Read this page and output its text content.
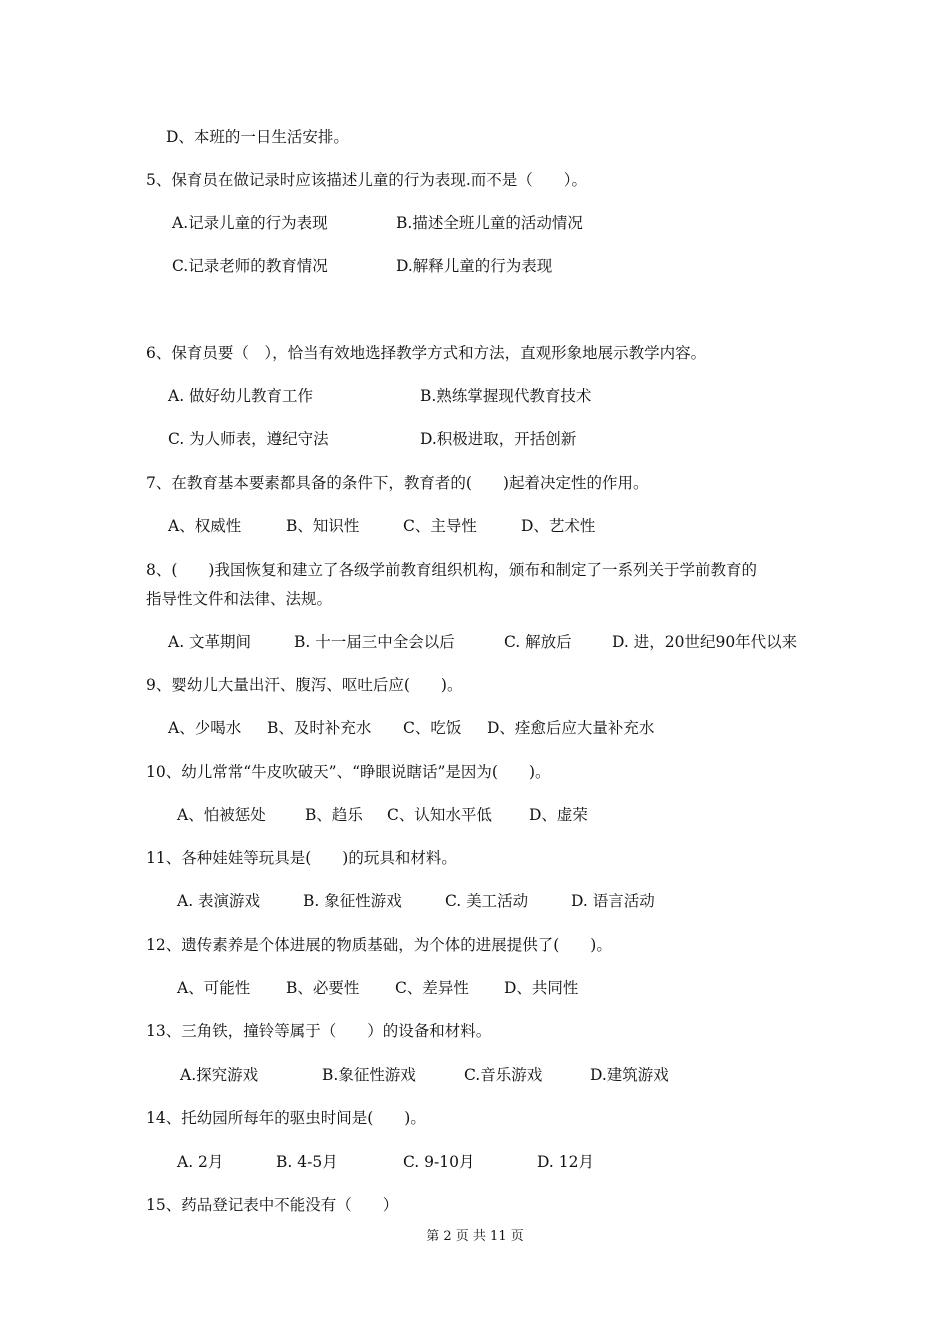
D、本班的一日生活安排。
5、保育员在做记录时应该描述儿童的行为表现.而不是（　　）。
A.记录儿童的行为表现	B.描述全班儿童的活动情况
C.记录老师的教育情况	D.解释儿童的行为表现
6、保育员要（　），恰当有效地选择教学方式和方法，直观形象地展示教学内容。
A. 做好幼儿教育工作	B.熟练掌握现代教育技术
C. 为人师表，遵纪守法	D.积极进取，开括创新
7、在教育基本要素都具备的条件下，教育者的(　　)起着决定性的作用。
A、权威性	B、知识性	C、主导性	D、艺术性
8、(　　)我国恢复和建立了各级学前教育组织机构，颁布和制定了一系列关于学前教育的
指导性文件和法律、法规。
A. 文革期间	B. 十一届三中全会以后	C. 解放后	D. 进，20世纪90年代以来
9、婴幼儿大量出汗、腹泻、呕吐后应(　　)。
A、少喝水 B、及时补充水 C、吃饭 D、痊愈后应大量补充水
10、幼儿常常“牛皮吹破天”、“睁眼说瞎话”是因为(　　)。
A、怕被惩处	B、趋乐 C、认知水平低 D、虚荣
11、各种娃娃等玩具是(　　)的玩具和材料。
A. 表演游戏	B. 象征性游戏	C. 美工活动	D. 语言活动
12、遗传素养是个体进展的物质基础，为个体的进展提供了(　　)。
A、可能性 B、必要性 C、差异性 D、共同性
13、三角铁，撞铃等属于（　　）的设备和材料。
A.探究游戏	B.象征性游戏	C.音乐游戏	D.建筑游戏
14、托幼园所每年的驱虫时间是(　　)。
A. 2月	B. 4-5月	C. 9-10月	D. 12月
15、药品登记表中不能没有（　　）
第 2 页 共 11 页
